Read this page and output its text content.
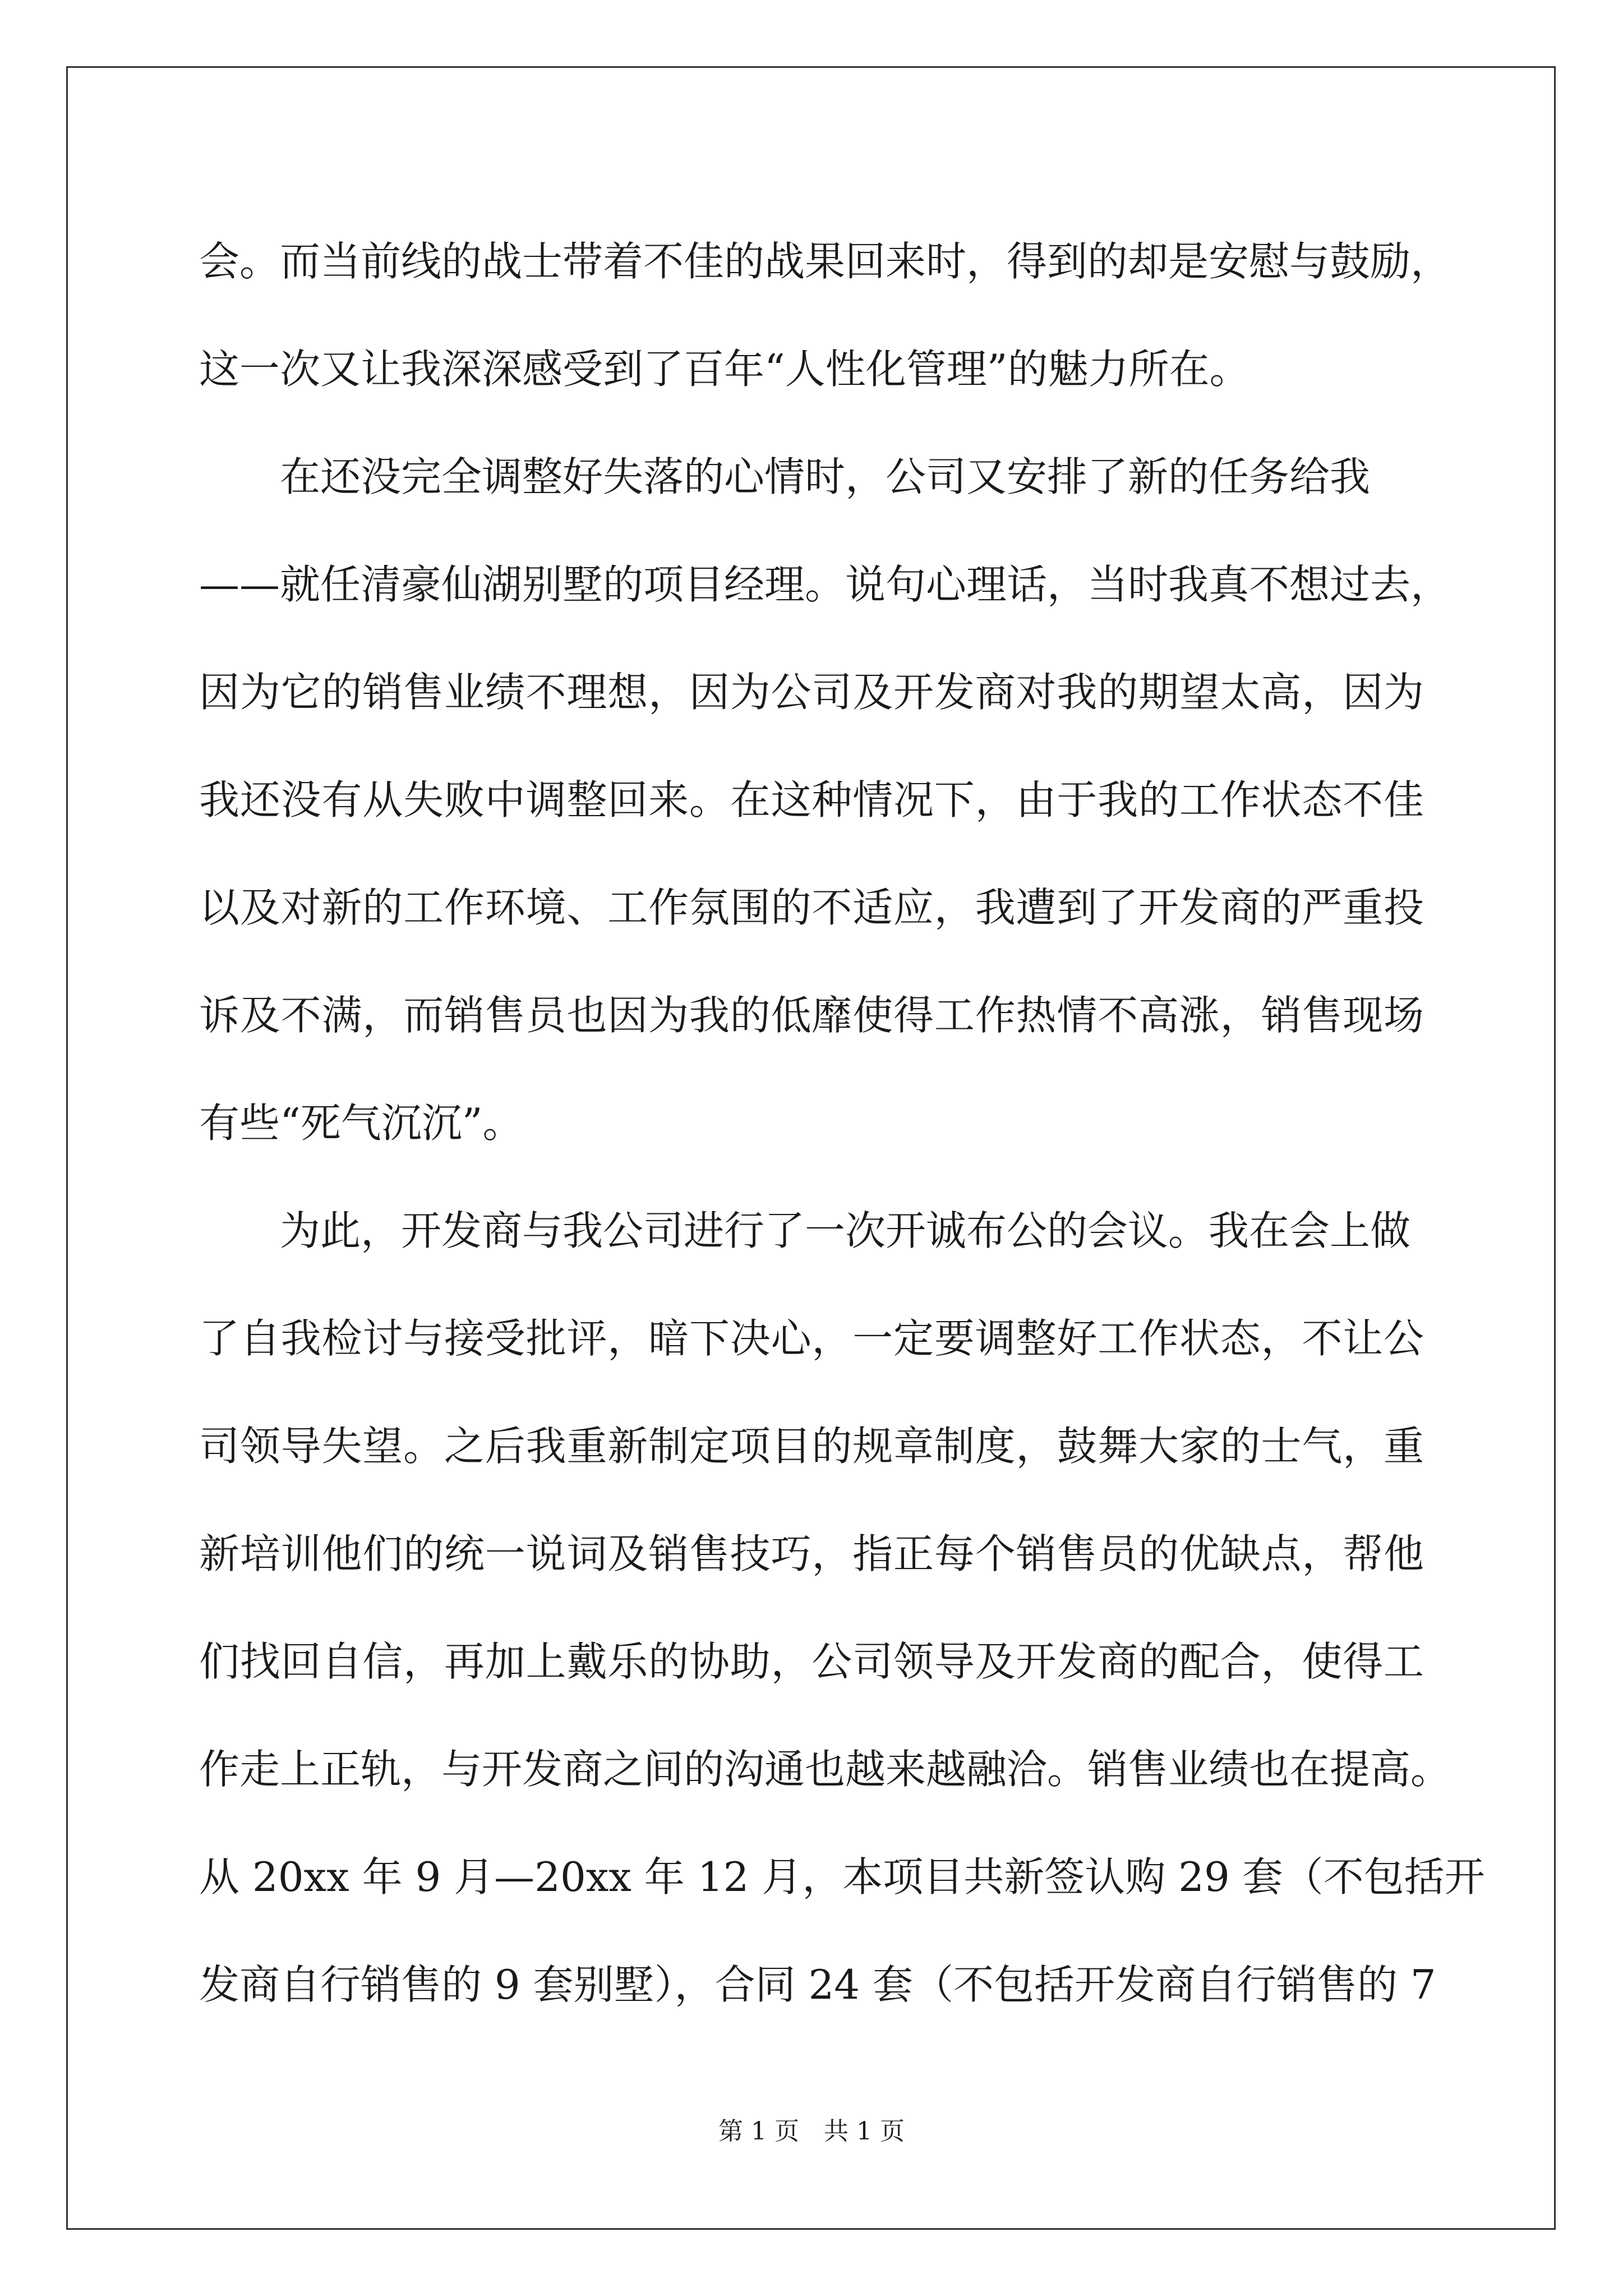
会。而当前线的战士带着不佳的战果回来时，得到的却是安慰与鼓励，
这一次又让我深深感受到了百年“人性化管理”的魅力所在。
在还没完全调整好失落的心情时，公司又安排了新的任务给我
——就任清豪仙湖别墅的项目经理。说句心理话，当时我真不想过去，
因为它的销售业绩不理想，因为公司及开发商对我的期望太高，因为
我还没有从失败中调整回来。在这种情况下，由于我的工作状态不佳
以及对新的工作环境、工作氛围的不适应，我遭到了开发商的严重投
诉及不满，而销售员也因为我的低靡使得工作热情不高涨，销售现场
有些“死气沉沉”。
为此，开发商与我公司进行了一次开诚布公的会议。我在会上做
了自我检讨与接受批评，暗下决心，一定要调整好工作状态，不让公
司领导失望。之后我重新制定项目的规章制度，鼓舞大家的士气，重
新培训他们的统一说词及销售技巧，指正每个销售员的优缺点，帮他
们找回自信，再加上戴乐的协助，公司领导及开发商的配合，使得工
作走上正轨，与开发商之间的沟通也越来越融洽。销售业绩也在提高。
从 20xx 年 9 月—20xx 年 12 月，本项目共新签认购 29 套（不包括开
发商自行销售的 9 套别墅），合同 24 套（不包括开发商自行销售的 7
第 1 页 共 1 页
